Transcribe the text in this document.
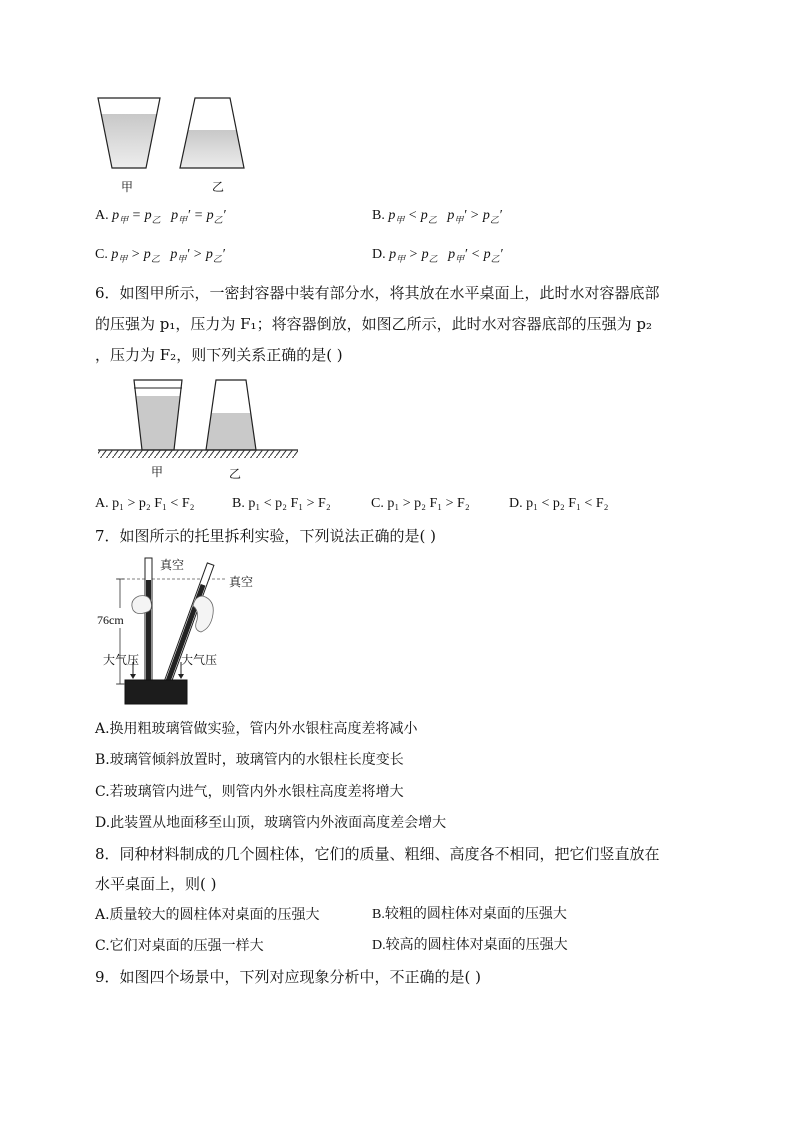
甲	乙
A. $p_甲 = p_乙$   $p_甲' = p_乙'$	B. $p_甲 < p_乙$   $p_甲' > p_乙'$
C. $p_甲 > p_乙$   $p_甲' > p_乙'$	D. $p_甲 > p_乙$   $p_甲' < p_乙'$
6．如图甲所示，一密封容器中装有部分水，将其放在水平桌面上，此时水对容器底部
的压强为 p₁，压力为 F₁；将容器倒放，如图乙所示，此时水对容器底部的压强为 p₂
，压力为 F₂，则下列关系正确的是( )
甲	乙
A. p₁ > p₂ F₁ < F₂	B. p₁ < p₂ F₁ > F₂	C. p₁ > p₂ F₁ > F₂	D. p₁ < p₂ F₁ < F₂
7．如图所示的托里拆利实验，下列说法正确的是( )
真空
真空
76cm
大气压	大气压
A.换用粗玻璃管做实验，管内外水银柱高度差将减小
B.玻璃管倾斜放置时，玻璃管内的水银柱长度变长
C.若玻璃管内进气，则管内外水银柱高度差将增大
D.此装置从地面移至山顶，玻璃管内外液面高度差会增大
8．同种材料制成的几个圆柱体，它们的质量、粗细、高度各不相同，把它们竖直放在
水平桌面上，则( )
A.质量较大的圆柱体对桌面的压强大	B.较粗的圆柱体对桌面的压强大
C.它们对桌面的压强一样大	D.较高的圆柱体对桌面的压强大
9．如图四个场景中，下列对应现象分析中，不正确的是( )
